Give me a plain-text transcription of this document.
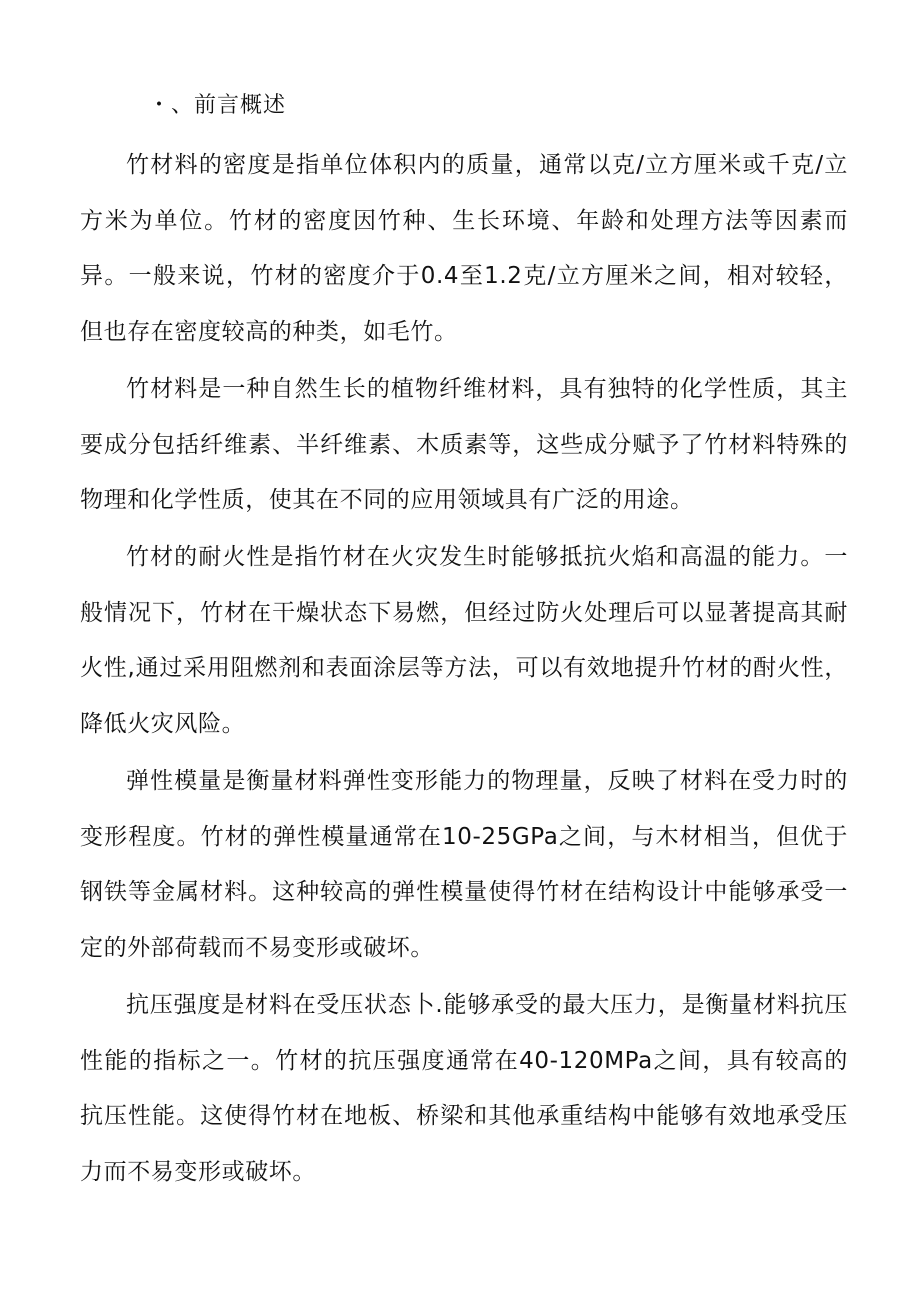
・、前言概述

竹材料的密度是指单位体积内的质量，通常以克/立方厘米或千克/立方米为单位。竹材的密度因竹种、生长环境、年龄和处理方法等因素而异。一般来说，竹材的密度介于0.4至1.2克/立方厘米之间，相对较轻，但也存在密度较高的种类，如毛竹。

竹材料是一种自然生长的植物纤维材料，具有独特的化学性质，其主要成分包括纤维素、半纤维素、木质素等，这些成分赋予了竹材料特殊的物理和化学性质，使其在不同的应用领域具有广泛的用途。

竹材的耐火性是指竹材在火灾发生时能够抵抗火焰和高温的能力。一般情况下，竹材在干燥状态下易燃，但经过防火处理后可以显著提高其耐火性,通过采用阻燃剂和表面涂层等方法，可以有效地提升竹材的酎火性，降低火灾风险。

弹性模量是衡量材料弹性变形能力的物理量，反映了材料在受力时的变形程度。竹材的弹性模量通常在10-25GPa之间，与木材相当，但优于钢铁等金属材料。这种较高的弹性模量使得竹材在结构设计中能够承受一定的外部荷载而不易变形或破坏。

抗压强度是材料在受压状态卜.能够承受的最大压力，是衡量材料抗压性能的指标之一。竹材的抗压强度通常在40-120MPa之间，具有较高的抗压性能。这使得竹材在地板、桥梁和其他承重结构中能够有效地承受压力而不易变形或破坏。
